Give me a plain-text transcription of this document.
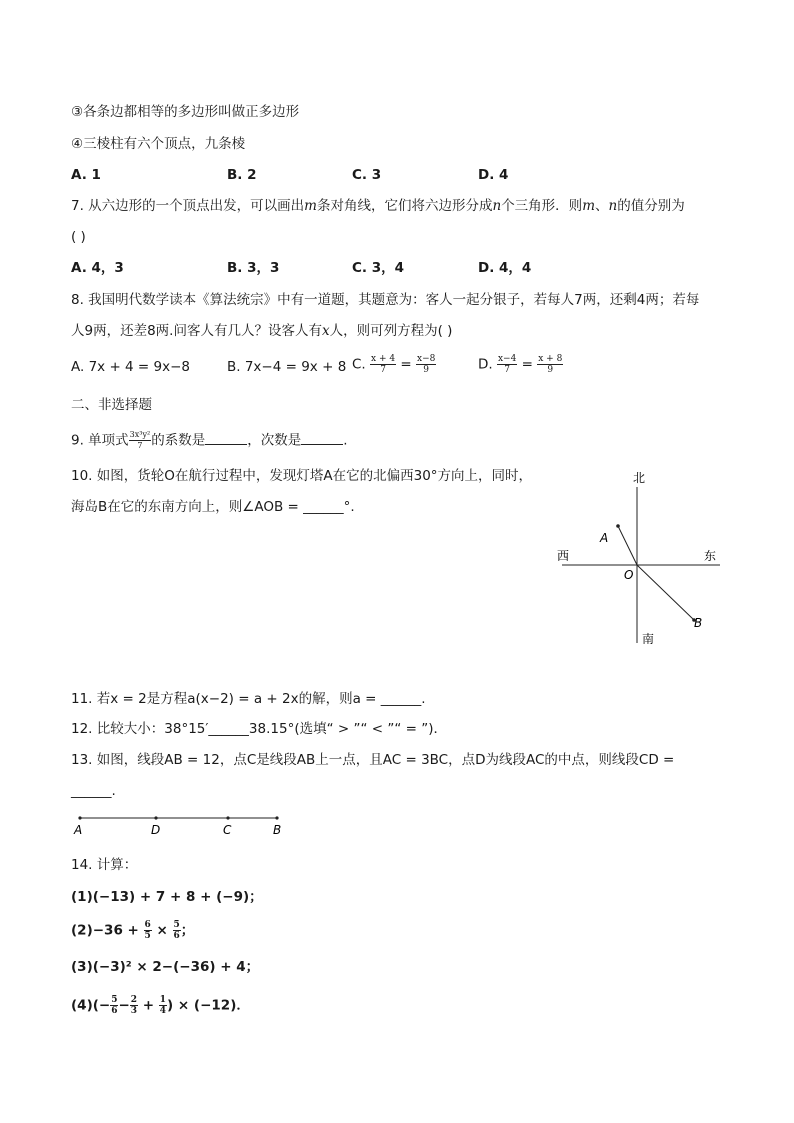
③各条边都相等的多边形叫做正多边形
④三棱柱有六个顶点，九条棱
A. 1	B. 2	C. 3	D. 4
7. 从六边形的一个顶点出发，可以画出m条对角线，它们将六边形分成n个三角形．则m、n的值分别为
( )
A. 4，3	B. 3，3	C. 3，4	D. 4，4
8. 我国明代数学读本《算法统宗》中有一道题，其题意为：客人一起分银子，若每人7两，还剩4两；若每
人9两，还差8两.问客人有几人？设客人有x人，则可列方程为( )
A. 7x + 4 = 9x−8	B. 7x−4 = 9x + 8 C. $\frac{x + 4}{7} = \frac{x-8}{9}$	D. $\frac{x-4}{7} = \frac{x + 8}{9}$
二、非选择题
9. 单项式 $\frac{\text{3x³y²}}{7}$ 的系数是	，次数是	.
10. 如图，货轮O在航行过程中，发现灯塔A在它的北偏西30°方向上，同时，
海岛B在它的东南方向上，则∠AOB = ______°.
北
南
西	东
O
A
B
11. 若x = 2是方程a(x−2) = a + 2x的解，则a = ______.
12. 比较大小：38°15′______38.15°(选填“ > ”“ < ”“ = ”)．
13. 如图，线段AB = 12，点C是线段AB上一点，且AC = 3BC，点D为线段AC的中点，则线段CD =
______.
A	D	C	B
14. 计算：
(1)(−13) + 7 + 8 + (−9)；
$(2)-36 + \frac{6}{5} \times \frac{5}{6}$ ；
(3)(−3)² × 2−(−36) + 4；
$(4)(- \frac{5}{6} - \frac{2}{3} + \frac{1}{4}$ ) × (−12)．
